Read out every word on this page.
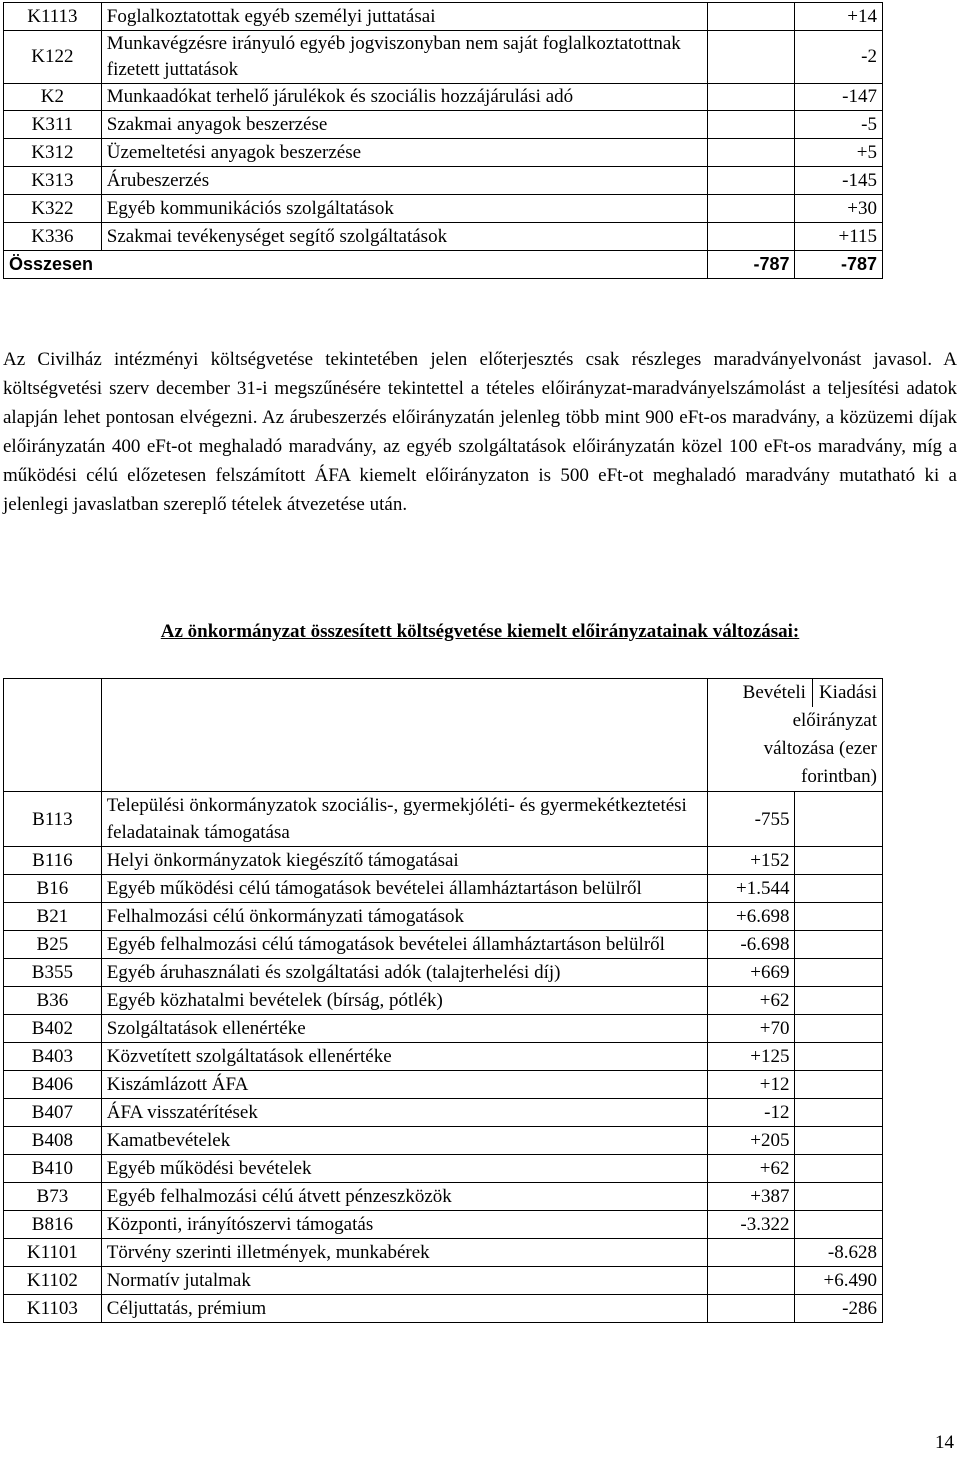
K1113	Foglalkoztatottak egyéb személyi juttatásai		+14
K122	Munkavégzésre irányuló egyéb jogviszonyban nem saját foglalkoztatottnak fizetett juttatások		-2
K2	Munkaadókat terhelő járulékok és szociális hozzájárulási adó		-147
K311	Szakmai anyagok beszerzése		-5
K312	Üzemeltetési anyagok beszerzése		+5
K313	Árubeszerzés		-145
K322	Egyéb kommunikációs szolgáltatások		+30
K336	Szakmai tevékenységet segítő szolgáltatások		+115
Összesen		-787	-787

Az Civilház intézményi költségvetése tekintetében jelen előterjesztés csak részleges maradványelvonást javasol. A költségvetési szerv december 31-i megszűnésére tekintettel a tételes előirányzat-maradványelszámolást a teljesítési adatok alapján lehet pontosan elvégezni. Az árubeszerzés előirányzatán jelenleg több mint 900 eFt-os maradvány, a közüzemi díjak előirányzatán 400 eFt-ot meghaladó maradvány, az egyéb szolgáltatások előirányzatán közel 100 eFt-os maradvány, míg a működési célú előzetesen felszámított ÁFA kiemelt előirányzaton is 500 eFt-ot meghaladó maradvány mutatható ki a jelenlegi javaslatban szereplő tételek átvezetése után.

Az önkormányzat összesített költségvetése kiemelt előirányzatainak változásai:

		Bevételi Kiadási
előirányzat változása (ezer forintban)	

B113	Települési önkormányzatok szociális-, gyermekjóléti- és gyermekétkeztetési feladatainak támogatása	-755	
B116	Helyi önkormányzatok kiegészítő támogatásai	+152	
B16	Egyéb működési célú támogatások bevételei államháztartáson belülről	+1.544	
B21	Felhalmozási célú önkormányzati támogatások	+6.698	
B25	Egyéb felhalmozási célú támogatások bevételei államháztartáson belülről	-6.698	
B355	Egyéb áruhasználati és szolgáltatási adók (talajterhelési díj)	+669	
B36	Egyéb közhatalmi bevételek (bírság, pótlék)	+62	
B402	Szolgáltatások ellenértéke	+70	
B403	Közvetített szolgáltatások ellenértéke	+125	
B406	Kiszámlázott ÁFA	+12	
B407	ÁFA visszatérítések	-12	
B408	Kamatbevételek	+205	
B410	Egyéb működési bevételek	+62	
B73	Egyéb felhalmozási célú átvett pénzeszközök	+387	
B816	Központi, irányítószervi támogatás	-3.322	
K1101	Törvény szerinti illetmények, munkabérek		-8.628
K1102	Normatív jutalmak		+6.490
K1103	Céljuttatás, prémium		-286
14
